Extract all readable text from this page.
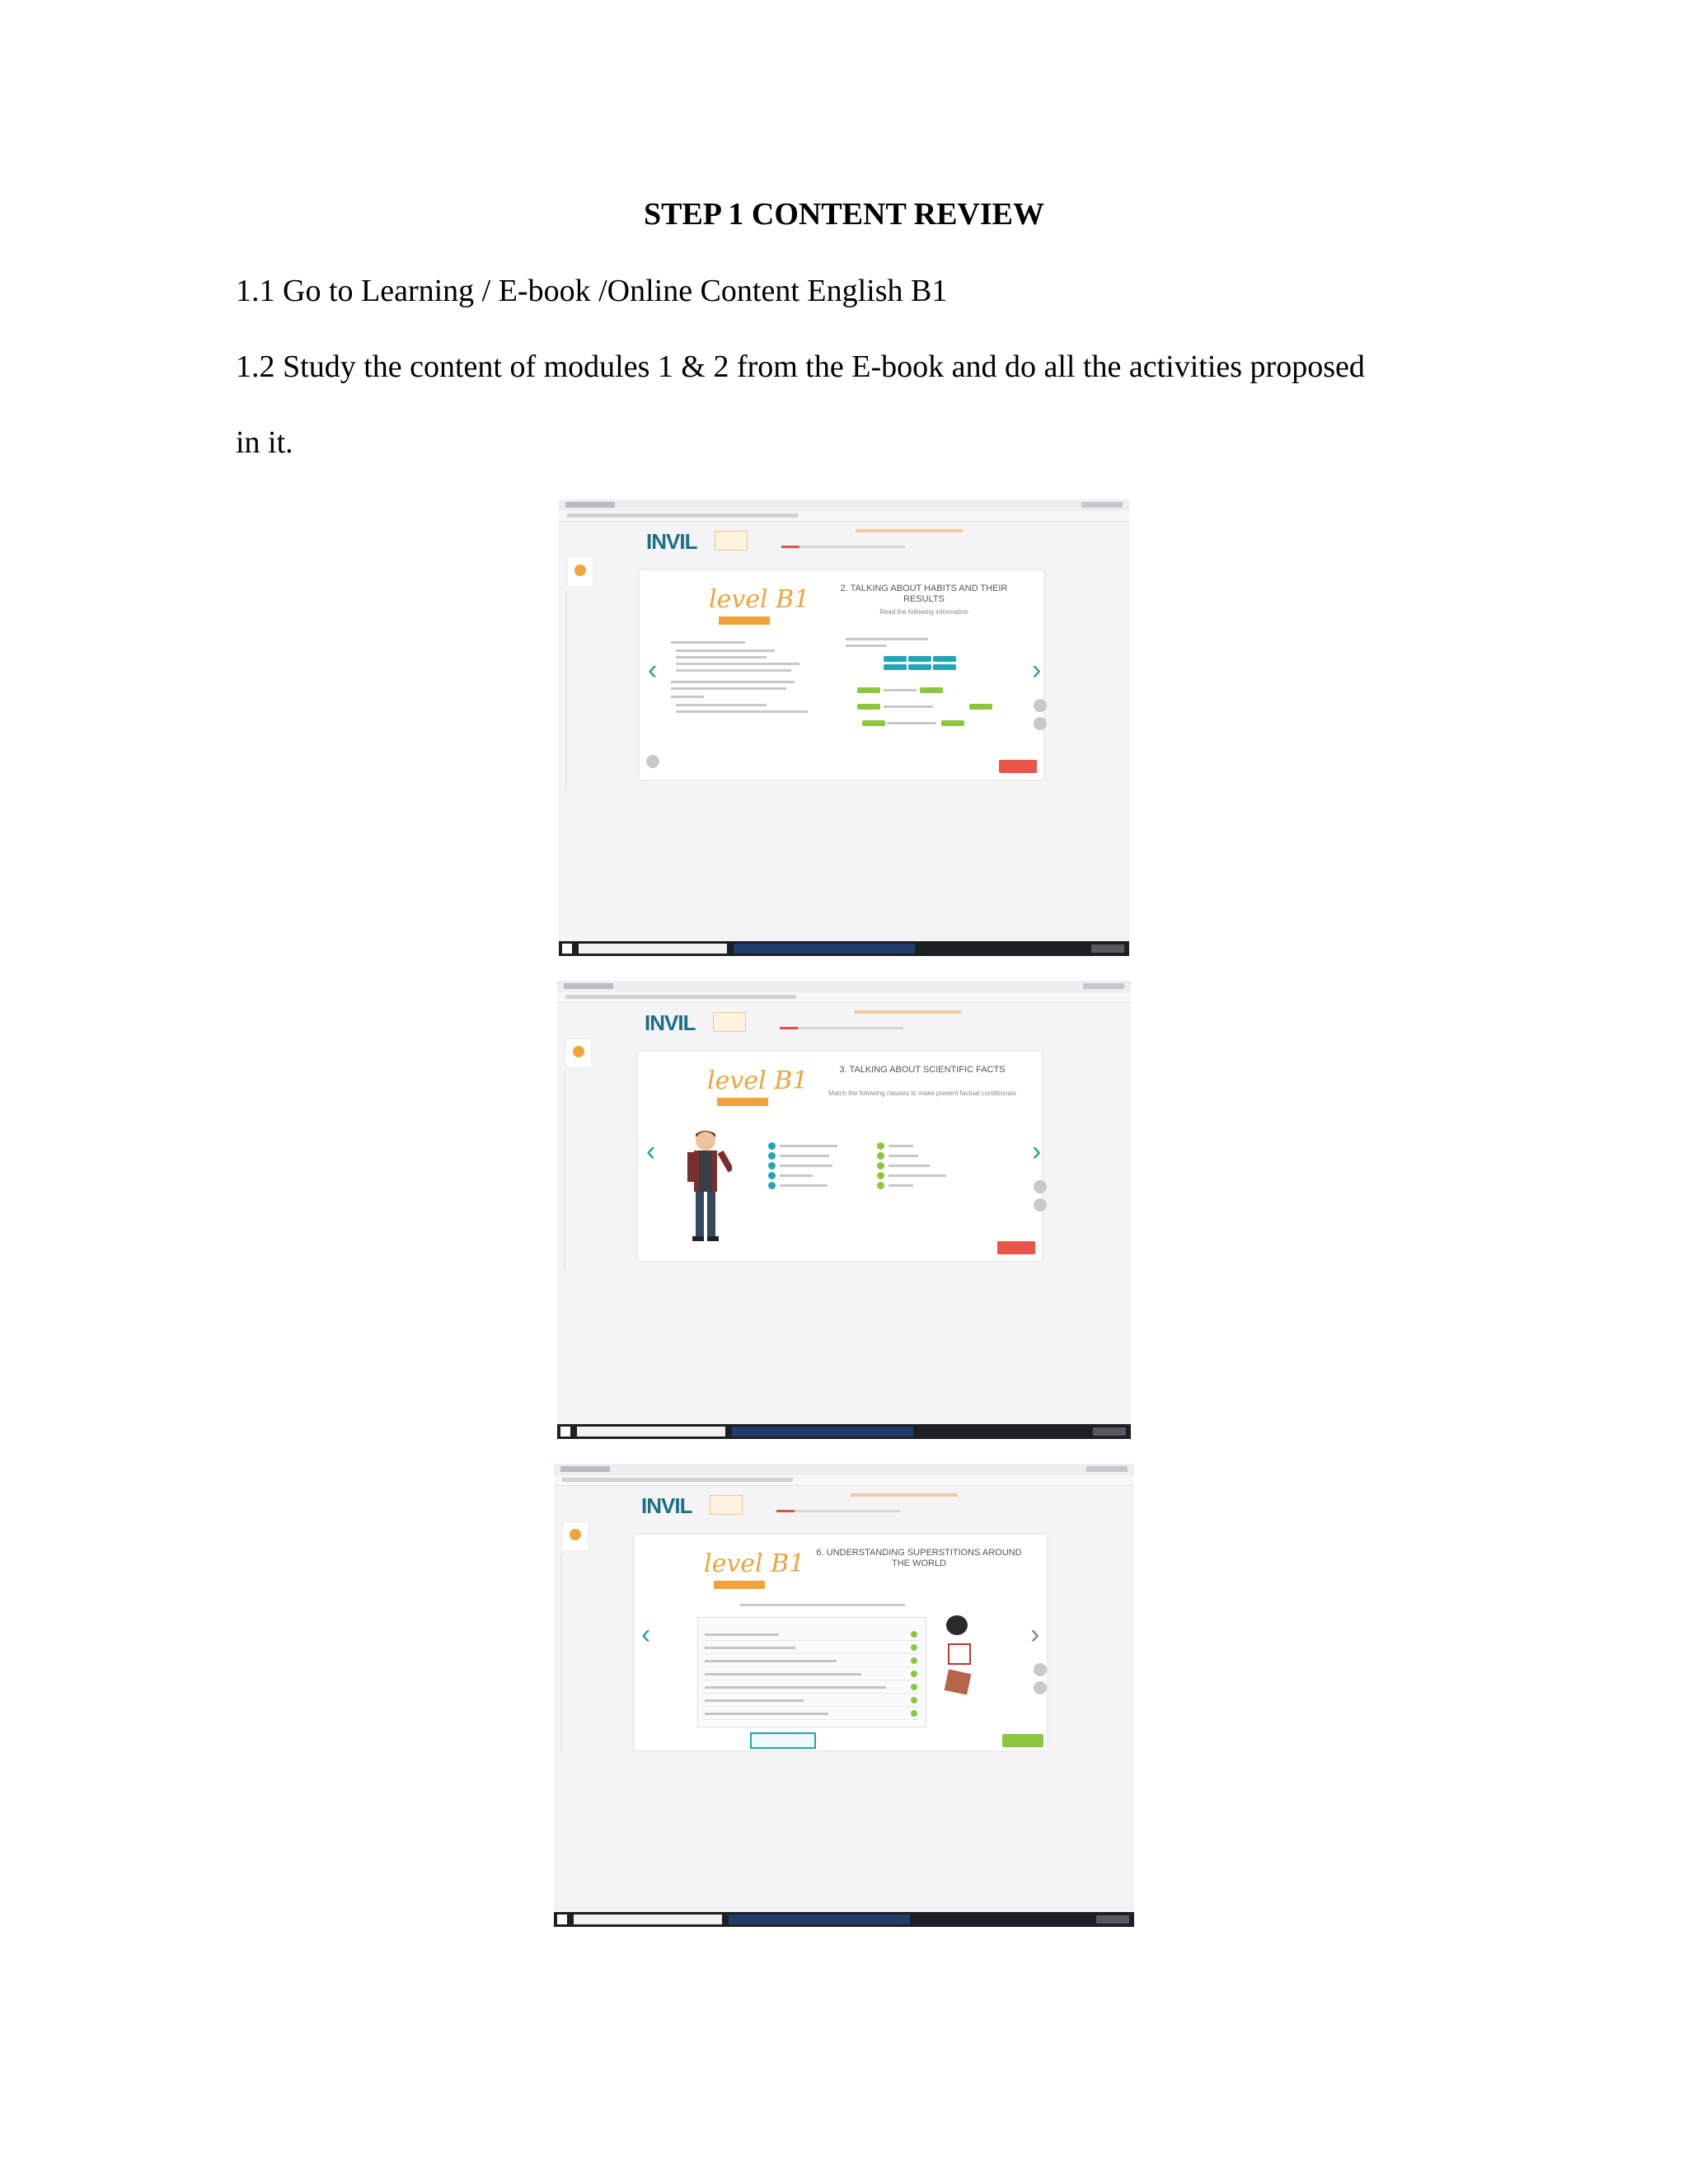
STEP 1 CONTENT REVIEW
1.1 Go to Learning / E-book /Online Content English B1
1.2 Study the content of modules 1 & 2 from the E-book and do all the activities proposed
in it.
INVIL
level B1	2. TALKING ABOUT HABITS AND THEIR RESULTS
Read the following information
‹	›
INVIL
level B1	3. TALKING ABOUT SCIENTIFIC FACTS
Match the following clauses to make present factual conditionals
‹	›
INVIL
level B1 6. UNDERSTANDING SUPERSTITIONS AROUND THE WORLD
‹	›
